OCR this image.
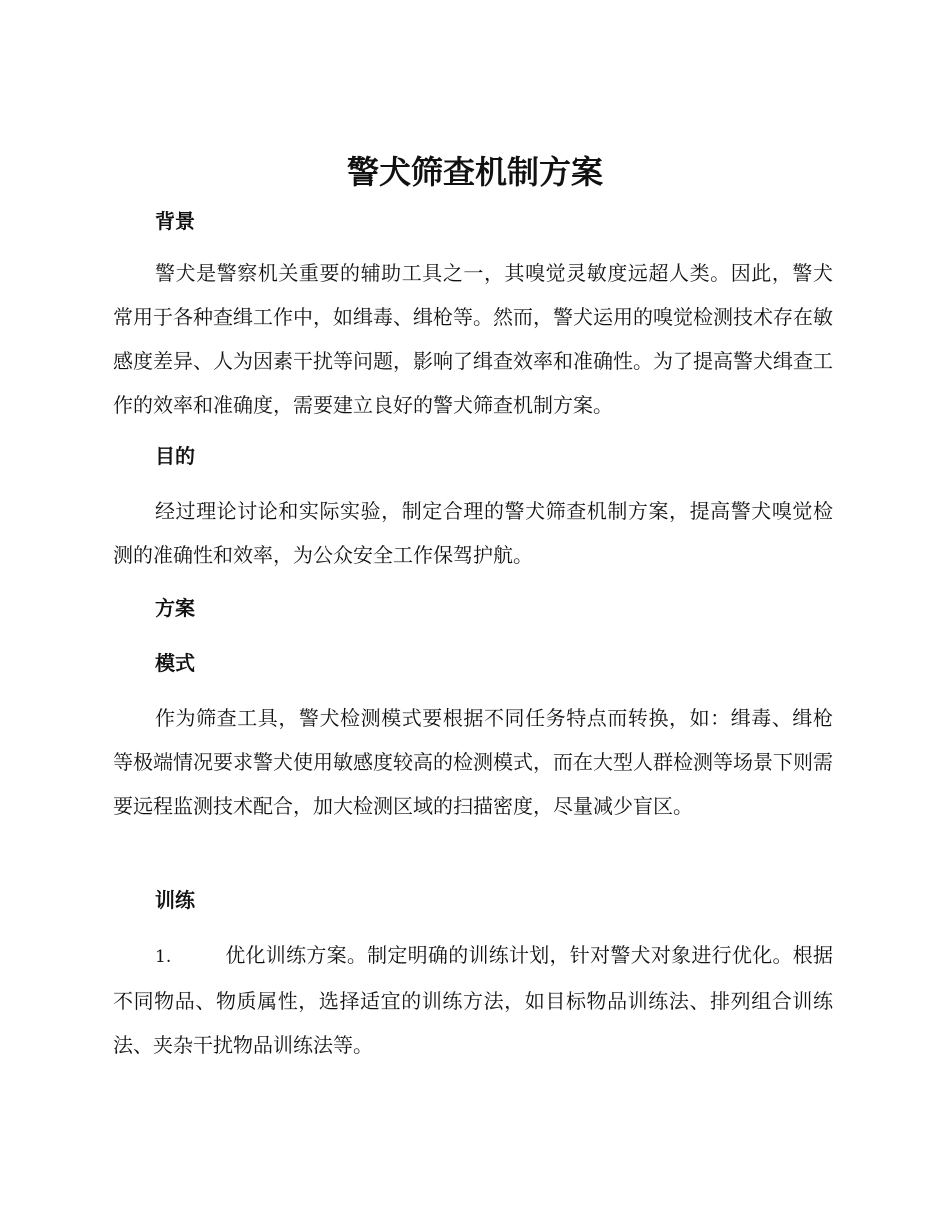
警犬筛查机制方案
背景

警犬是警察机关重要的辅助工具之一，其嗅觉灵敏度远超人类。因此，警犬常用于各种查缉工作中，如缉毒、缉枪等。然而，警犬运用的嗅觉检测技术存在敏感度差异、人为因素干扰等问题，影响了缉查效率和准确性。为了提高警犬缉查工作的效率和准确度，需要建立良好的警犬筛查机制方案。

目的

经过理论讨论和实际实验，制定合理的警犬筛查机制方案，提高警犬嗅觉检测的准确性和效率，为公众安全工作保驾护航。

方案
模式

作为筛查工具，警犬检测模式要根据不同任务特点而转换，如：缉毒、缉枪等极端情况要求警犬使用敏感度较高的检测模式，而在大型人群检测等场景下则需要远程监测技术配合，加大检测区域的扫描密度，尽量减少盲区。

训练

1.	优化训练方案。制定明确的训练计划，针对警犬对象进行优化。根据不同物品、物质属性，选择适宜的训练方法，如目标物品训练法、排列组合训练法、夹杂干扰物品训练法等。
